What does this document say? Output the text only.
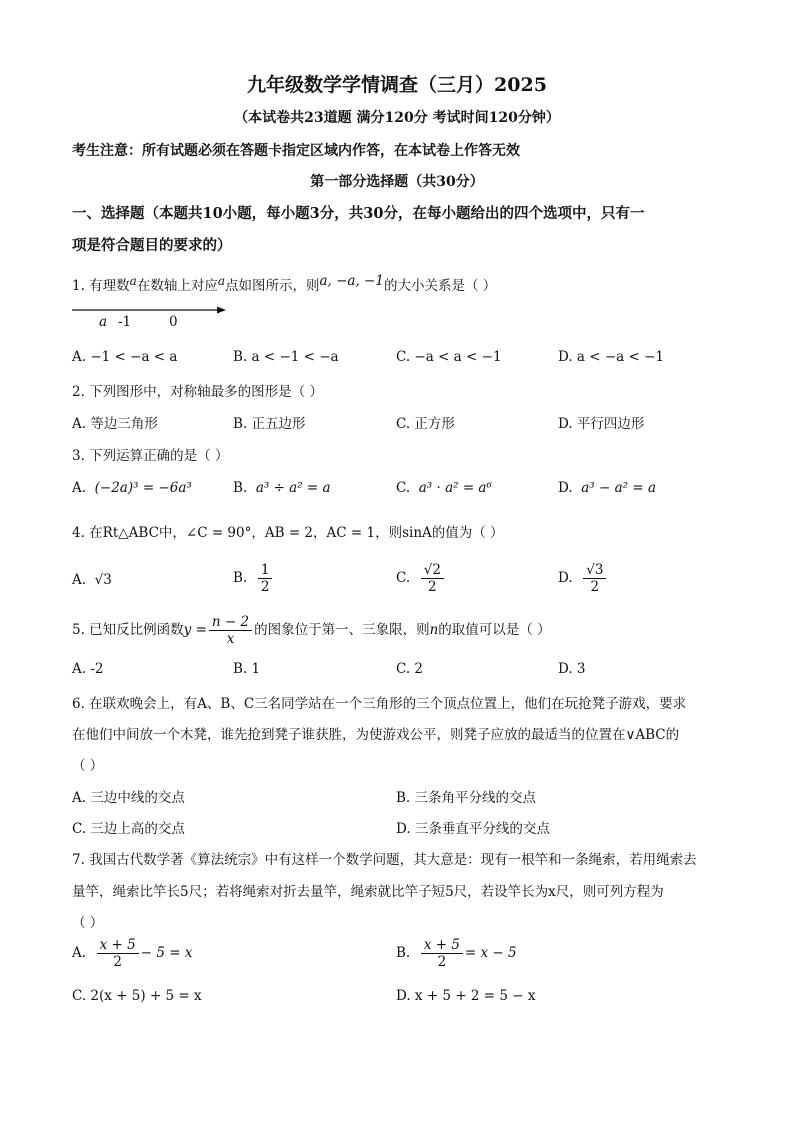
九年级数学学情调查（三月）2025
（本试卷共23道题 满分120分 考试时间120分钟）
考生注意：所有试题必须在答题卡指定区域内作答，在本试卷上作答无效
第一部分选择题（共30分）
一、选择题（本题共10小题，每小题3分，共30分，在每小题给出的四个选项中，只有一
项是符合题目的要求的）
1. 有理数a在数轴上对应a点如图所示，则a, −a, −1的大小关系是（ ）
a -1	0
A. −1 < −a < a	B. a < −1 < −a	C. −a < a < −1	D. a < −a < −1
2. 下列图形中，对称轴最多的图形是（ ）
A. 等边三角形	B. 正五边形	C. 正方形	D. 平行四边形
3. 下列运算正确的是（ ）
A. (−2a)³ = −6a³	B. a³ ÷ a² = a	C. a³ · a² = a⁶	D. a³ − a² = a
4. 在Rt△ABC中，∠C = 90°，AB = 2，AC = 1，则sinA的值为（ ）
A. √3	B. $\frac{1}{2}$	C. $\frac{√2}{2}$	D. $\frac{√3}{2}$
5. 已知反比例函数$y = \frac{n - 2}{x}$ 的图象位于第一、三象限，则n的取值可以是（ ）
A. -2	B. 1	C. 2	D. 3
6. 在联欢晚会上，有A、B、C三名同学站在一个三角形的三个顶点位置上，他们在玩抢凳子游戏，要求
在他们中间放一个木凳，谁先抢到凳子谁获胜，为使游戏公平，则凳子应放的最适当的位置在∨ABC的
（ ）
A. 三边中线的交点	B. 三条角平分线的交点
C. 三边上高的交点	D. 三条垂直平分线的交点
7. 我国古代数学著《算法统宗》中有这样一个数学问题，其大意是：现有一根竿和一条绳索，若用绳索去
量竿，绳索比竿长5尺；若将绳索对折去量竿，绳索就比竿子短5尺，若设竿长为x尺，则可列方程为
（ ）
A. $\frac{x + 5}{2} - 5 = x$	B. $\frac{x + 5}{2} = x - 5$
C. 2(x + 5) + 5 = x	D. x + 5 + 2 = 5 − x
